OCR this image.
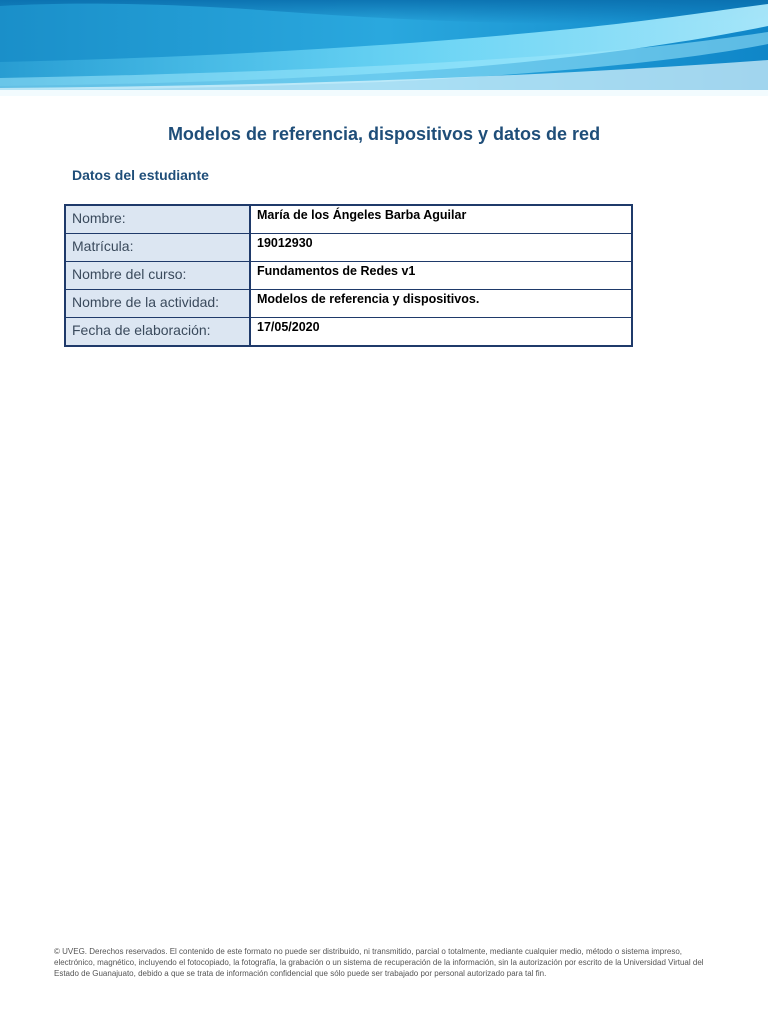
Modelos de referencia, dispositivos y datos de red
Datos del estudiante
Nombre:	María de los Ángeles Barba Aguilar
Matrícula:	19012930
Nombre del curso:	Fundamentos de Redes v1
Nombre de la actividad:	Modelos de referencia y dispositivos.
Fecha de elaboración:	17/05/2020

© UVEG. Derechos reservados. El contenido de este formato no puede ser distribuido, ni transmitido, parcial o totalmente, mediante cualquier medio, método o sistema impreso, electrónico, magnético, incluyendo el fotocopiado, la fotografía, la grabación o un sistema de recuperación de la información, sin la autorización por escrito de la Universidad Virtual del Estado de Guanajuato, debido a que se trata de información confidencial que sólo puede ser trabajado por personal autorizado para tal fin.
